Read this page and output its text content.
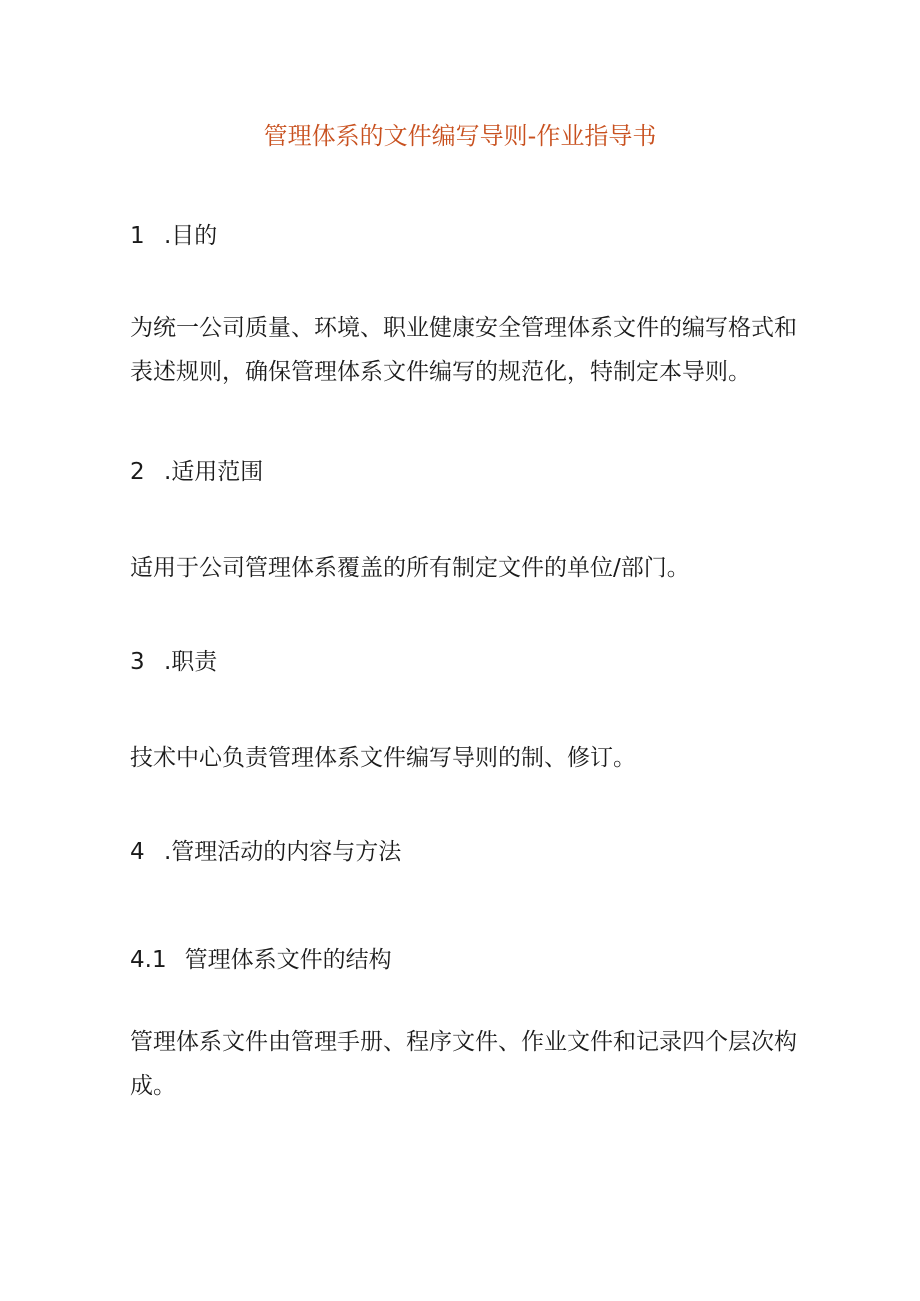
管理体系的文件编写导则-作业指导书
1 .目的
为统一公司质量、环境、职业健康安全管理体系文件的编写格式和
表述规则，确保管理体系文件编写的规范化，特制定本导则。
2 .适用范围
适用于公司管理体系覆盖的所有制定文件的单位/部门。
3 .职责
技术中心负责管理体系文件编写导则的制、修订。
4 .管理活动的内容与方法
4.1 管理体系文件的结构
管理体系文件由管理手册、程序文件、作业文件和记录四个层次构
成。
